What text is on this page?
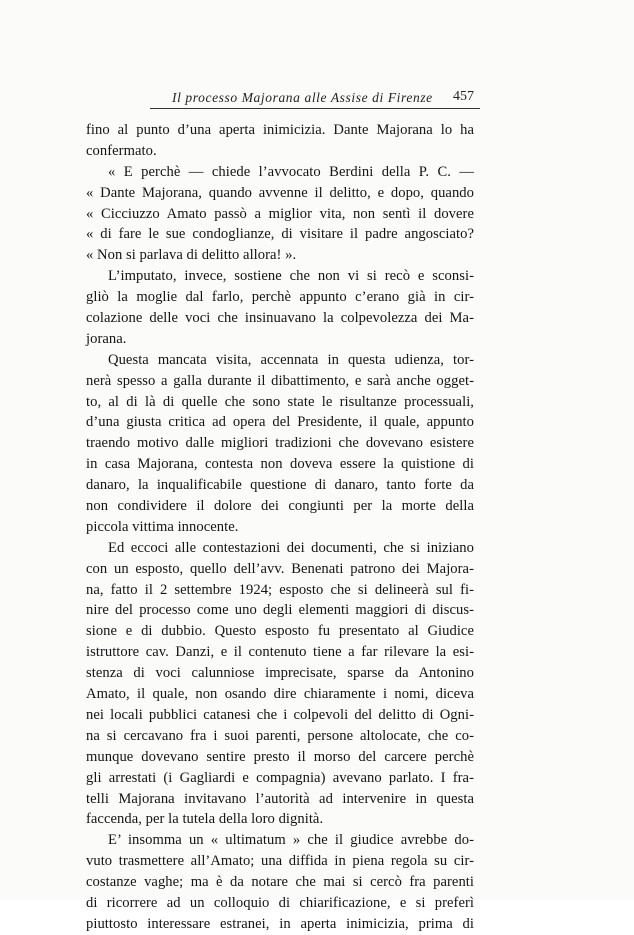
Il processo Majorana alle Assise di Firenze 457
fino al punto d’una aperta inimicizia. Dante Majorana lo ha
confermato.
« E perchè — chiede l’avvocato Berdini della P. C. —
« Dante Majorana, quando avvenne il delitto, e dopo, quando
« Cicciuzzo Amato passò a miglior vita, non sentì il dovere
« di fare le sue condoglianze, di visitare il padre angosciato?
« Non si parlava di delitto allora! ».
L’imputato, invece, sostiene che non vi si recò e sconsi-
gliò la moglie dal farlo, perchè appunto c’erano già in cir-
colazione delle voci che insinuavano la colpevolezza dei Ma-
jorana.
Questa mancata visita, accennata in questa udienza, tor-
nerà spesso a galla durante il dibattimento, e sarà anche ogget-
to, al di là di quelle che sono state le risultanze processuali,
d’una giusta critica ad opera del Presidente, il quale, appunto
traendo motivo dalle migliori tradizioni che dovevano esistere
in casa Majorana, contesta non doveva essere la quistione di
danaro, la inqualificabile questione di danaro, tanto forte da
non condividere il dolore dei congiunti per la morte della
piccola vittima innocente.
Ed eccoci alle contestazioni dei documenti, che si iniziano
con un esposto, quello dell’avv. Benenati patrono dei Majora-
na, fatto il 2 settembre 1924; esposto che si delineerà sul fi-
nire del processo come uno degli elementi maggiori di discus-
sione e di dubbio. Questo esposto fu presentato al Giudice
istruttore cav. Danzi, e il contenuto tiene a far rilevare la esi-
stenza di voci calunniose imprecisate, sparse da Antonino
Amato, il quale, non osando dire chiaramente i nomi, diceva
nei locali pubblici catanesi che i colpevoli del delitto di Ogni-
na si cercavano fra i suoi parenti, persone altolocate, che co-
munque dovevano sentire presto il morso del carcere perchè
gli arrestati (i Gagliardi e compagnia) avevano parlato. I fra-
telli Majorana invitavano l’autorità ad intervenire in questa
faccenda, per la tutela della loro dignità.
E’ insomma un « ultimatum » che il giudice avrebbe do-
vuto trasmettere all’Amato; una diffida in piena regola su cir-
costanze vaghe; ma è da notare che mai si cercò fra parenti
di ricorrere ad un colloquio di chiarificazione, e si preferì
piuttosto interessare estranei, in aperta inimicizia, prima di
